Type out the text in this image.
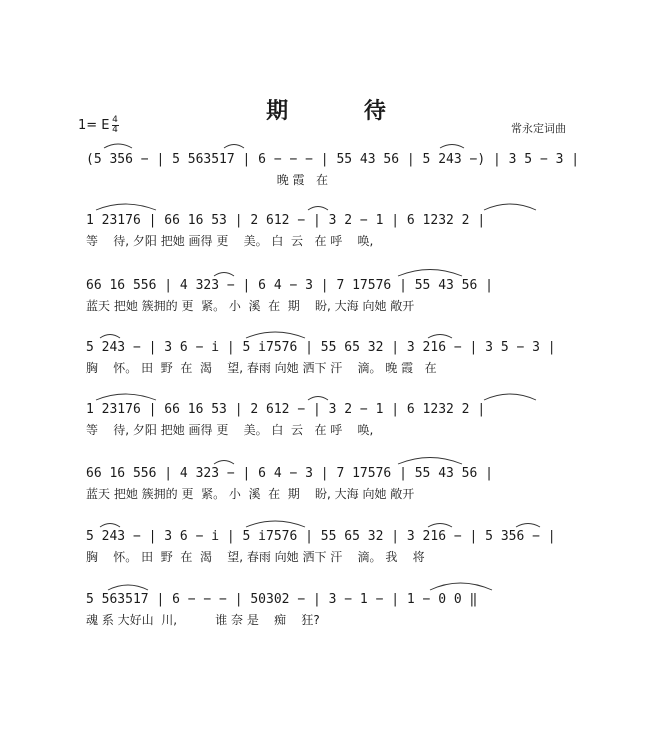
期 待
1= E 4
4	常永定词曲
(5 356 − | 5 563517 | 6 − − − | 55 43 56 | 5 243 −) | 3 5 − 3 |
晚 霞   在
1 23176 | 66 16 53 | 2 612 − | 3 2 − 1 | 6 1232 2 |
等    待, 夕阳 把她 画得 更    美。 白  云   在 呼    唤,
66 16 556 | 4 323 − | 6 4 − 3 | 7 17576 | 55 43 56 |
蓝天 把她 簇拥的 更  紧。 小  溪  在  期    盼, 大海 向她 敞开
5 243 − | 3 6 − i | 5 i7576 | 55 65 32 | 3 216 − | 3 5 − 3 |
胸    怀。 田  野  在  渴    望, 春雨 向她 洒下 汗    滴。 晚 霞   在
1 23176 | 66 16 53 | 2 612 − | 3 2 − 1 | 6 1232 2 |
等    待, 夕阳 把她 画得 更    美。 白  云   在 呼    唤,
66 16 556 | 4 323 − | 6 4 − 3 | 7 17576 | 55 43 56 |
蓝天 把她 簇拥的 更  紧。 小  溪  在  期    盼, 大海 向她 敞开
5 243 − | 3 6 − i | 5 i7576 | 55 65 32 | 3 216 − | 5 356 − |
胸    怀。 田  野  在  渴    望, 春雨 向她 洒下 汗    滴。 我    将
5 563517 | 6 − − − | 50302 − | 3 − 1 − | 1 − 0 0 ‖
魂 系 大好山  川,          谁 奈 是    痴    狂?
